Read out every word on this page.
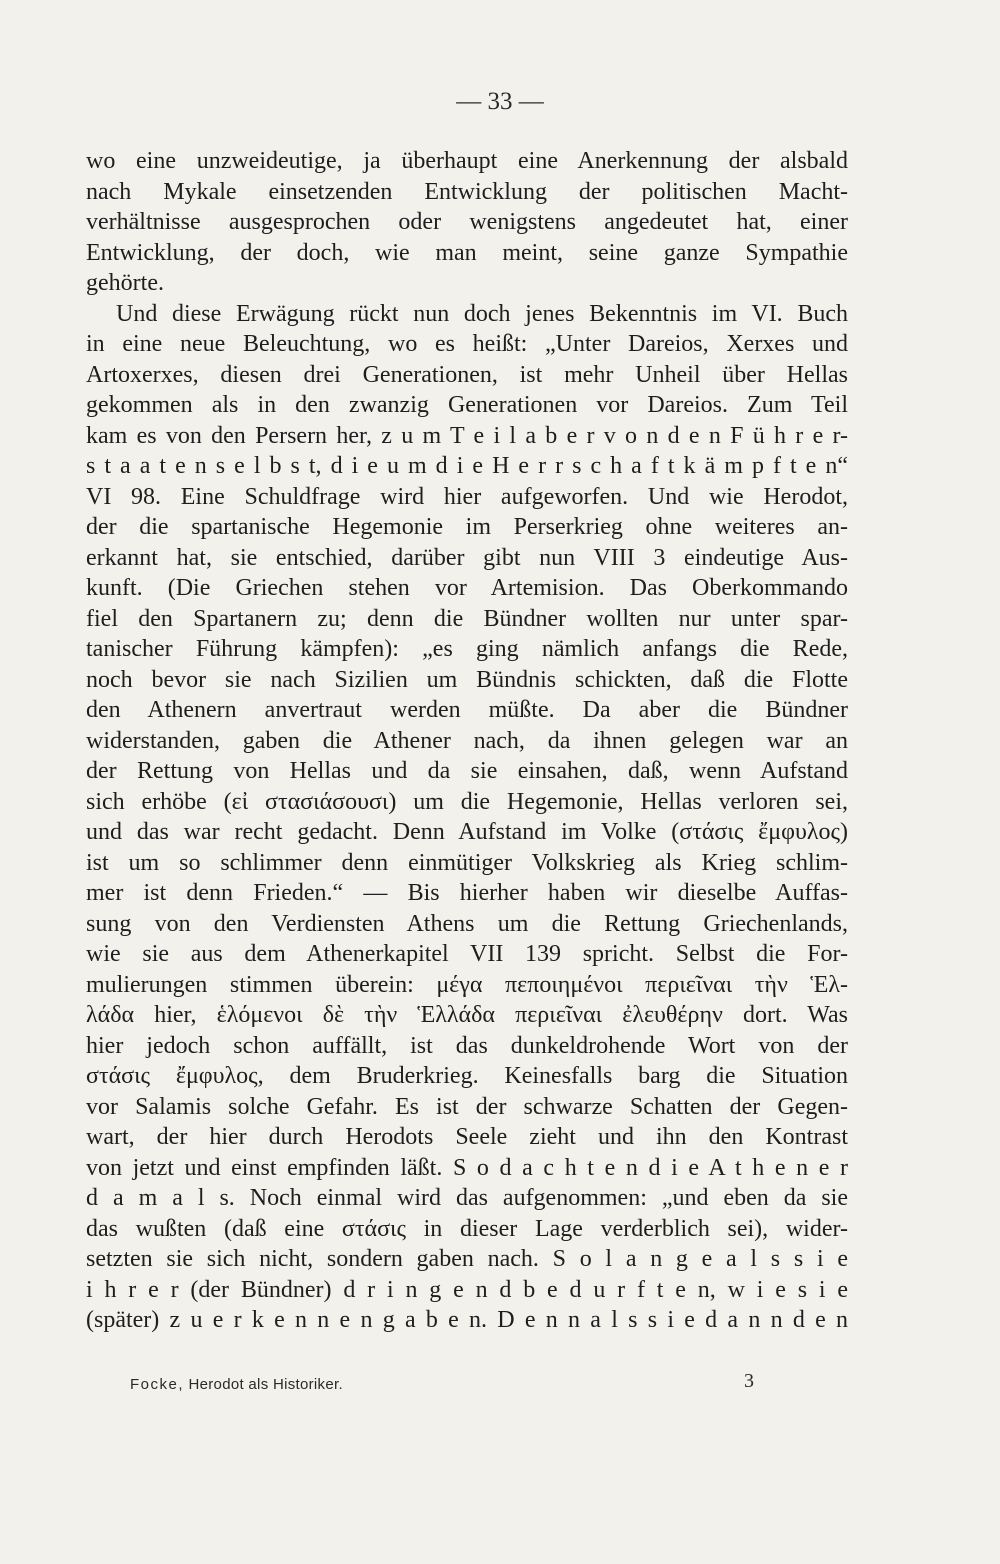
— 33 —
wo eine unzweideutige, ja überhaupt eine Anerkennung der alsbald
nach Mykale einsetzenden Entwicklung der politischen Macht-
verhältnisse ausgesprochen oder wenigstens angedeutet hat, einer
Entwicklung, der doch, wie man meint, seine ganze Sympathie
gehörte.
Und diese Erwägung rückt nun doch jenes Bekenntnis im VI. Buch
in eine neue Beleuchtung, wo es heißt: „Unter Dareios, Xerxes und
Artoxerxes, diesen drei Generationen, ist mehr Unheil über Hellas
gekommen als in den zwanzig Generationen vor Dareios. Zum Teil
kam es von den Persern her, z u m T e i l a b e r v o n d e n F ü h r e r-
s t a a t e n s e l b s t, d i e u m d i e H e r r s c h a f t k ä m p f t e n“
VI 98. Eine Schuldfrage wird hier aufgeworfen. Und wie Herodot,
der die spartanische Hegemonie im Perserkrieg ohne weiteres an-
erkannt hat, sie entschied, darüber gibt nun VIII 3 eindeutige Aus-
kunft. (Die Griechen stehen vor Artemision. Das Oberkommando
fiel den Spartanern zu; denn die Bündner wollten nur unter spar-
tanischer Führung kämpfen): „es ging nämlich anfangs die Rede,
noch bevor sie nach Sizilien um Bündnis schickten, daß die Flotte
den Athenern anvertraut werden müßte. Da aber die Bündner
widerstanden, gaben die Athener nach, da ihnen gelegen war an
der Rettung von Hellas und da sie einsahen, daß, wenn Aufstand
sich erhöbe (εἰ στασιάσουσι) um die Hegemonie, Hellas verloren sei,
und das war recht gedacht. Denn Aufstand im Volke (στάσις ἔμφυλος)
ist um so schlimmer denn einmütiger Volkskrieg als Krieg schlim-
mer ist denn Frieden.“ — Bis hierher haben wir dieselbe Auffas-
sung von den Verdiensten Athens um die Rettung Griechenlands,
wie sie aus dem Athenerkapitel VII 139 spricht. Selbst die For-
mulierungen stimmen überein: μέγα πεποιημένοι περιεῖναι τὴν Ἑλ-
λάδα hier, ἑλόμενοι δὲ τὴν Ἑλλάδα περιεῖναι ἐλευθέρην dort. Was
hier jedoch schon auffällt, ist das dunkeldrohende Wort von der
στάσις ἔμφυλος, dem Bruderkrieg. Keinesfalls barg die Situation
vor Salamis solche Gefahr. Es ist der schwarze Schatten der Gegen-
wart, der hier durch Herodots Seele zieht und ihn den Kontrast
von jetzt und einst empfinden läßt. S o d a c h t e n d i e A t h e n e r
d a m a l s. Noch einmal wird das aufgenommen: „und eben da sie
das wußten (daß eine στάσις in dieser Lage verderblich sei), wider-
setzten sie sich nicht, sondern gaben nach. S o l a n g e a l s s i e
i h r e r (der Bündner) d r i n g e n d b e d u r f t e n, w i e s i e
(später) z u e r k e n n e n g a b e n. D e n n a l s s i e d a n n d e n
Focke, Herodot als Historiker.	3
